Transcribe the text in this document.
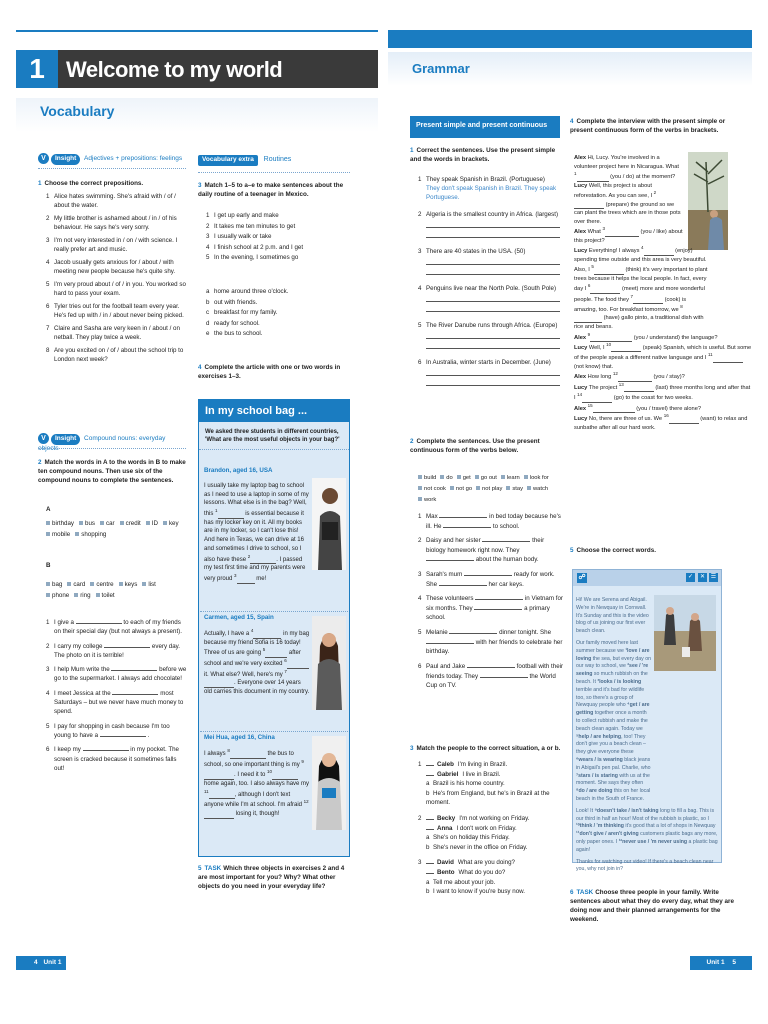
1 Welcome to my world
Vocabulary
Grammar
V Insight Adjectives + prepositions: feelings
1 Choose the correct prepositions.
1 Alice hates swimming. She's afraid with / of / about the water.
2 My little brother is ashamed about / in / of his behaviour. He says he's very sorry.
3 I'm not very interested in / on / with science. I really prefer art and music.
4 Jacob usually gets anxious for / about / with meeting new people because he's quite shy.
5 I'm very proud about / of / in you. You worked so hard to pass your exam.
6 Tyler tries out for the football team every year. He's fed up with / in / about never being picked.
7 Claire and Sasha are very keen in / about / on netball. They play twice a week.
8 Are you excited on / of / about the school trip to London next week?
V Insight Compound nouns: everyday objects
2 Match the words in A to the words in B to make ten compound nouns. Then use six of the compound nouns to complete the sentences.
A
birthday bus car credit ID keymobile shopping
B
bag card centre keys listphone ring toilet
1 I give a	to each of my friends on their special day (but not always a present).
2 I carry my college	every day. The photo on it is terrible!
3 I help Mum write the	before we go to the supermarket. I always add chocolate!
4 I meet Jessica at the	most Saturdays – but we never have much money to spend.
5 I pay for shopping in cash because I'm too young to have a	.
6 I keep my	in my pocket. The screen is cracked because it sometimes falls out!
Vocabulary extra Routines
3 Match 1–5 to a–e to make sentences about the daily routine of a teenager in Mexico.
1 I get up early and make
2 It takes me ten minutes to get
3 I usually walk or take
4 I finish school at 2 p.m. and I get
5 In the evening, I sometimes go
a home around three o'clock.
b out with friends.
c breakfast for my family.
d ready for school.
e the bus to school.
4 Complete the article with one or two words in exercises 1–3.
In my school bag ...
We asked three students in different countries, 'What are the most useful objects in your bag?'
Brandon, aged 16, USA
I usually take my laptop bag to school as I need to use a laptop in some of my lessons. What else is in the bag? Well, this $^1$ is essential because it has my locker key on it. All my books are in my locker, so I can't lose this! And here in Texas, we can drive at 16 and sometimes I drive to school, so I also have these $^2$. I passed my test first time and my parents were very proud $^3$ me!
Carmen, aged 15, Spain
Actually, I have a $^4$ in my bag because my friend Sofia is 16 today! Three of us are going $^5$ after school and we're very excited $^6$ it. What else? Well, here's my $^7$. Everyone over 14 years old carries this document in my country.
Mei Hua, aged 16, China
I always $^8$ the bus to school, so one important thing is my $^9$. I need it to $^{10}$ home again, too. I also always have my $^{11}$, although I don't text anyone while I'm at school. I'm afraid $^{12}$ losing it, though!
5 TASK Which three objects in exercises 2 and 4 are most important for you? Why? What other objects do you need in your everyday life?
Present simple and present continuous
1 Correct the sentences. Use the present simple and the words in brackets.
1 They speak Spanish in Brazil. (Portuguese)
They don't speak Spanish in Brazil. They speak Portuguese.
2 Algeria is the smallest country in Africa. (largest)
3 There are 40 states in the USA. (50)
4 Penguins live near the North Pole. (South Pole)
5 The River Danube runs through Africa. (Europe)
6 In Australia, winter starts in December. (June)
2 Complete the sentences. Use the present continuous form of the verbs below.
build do get go out learn look fornot cook not go not play stay watchwork
1 Max	in bed today because he's ill. He	to school.
2 Daisy and her sister	their biology homework right now. They  about the human body.
3 Sarah's mum	ready for work. She	her car keys.
4 These volunteers	in Vietnam for six months. They	a primary school.
5 Melanie	dinner tonight. She  with her friends to celebrate her birthday.
6 Paul and Jake	football with their friends today. They	the World Cup on TV.
3 Match the people to the correct situation, a or b.
1	Caleb I'm living in Brazil.
Gabriel I live in Brazil.
a Brazil is his home country.
b He's from England, but he's in Brazil at the moment.
2	Becky I'm not working on Friday.
Anna I don't work on Friday.
a She's on holiday this Friday.
b She's never in the office on Friday.
3	David What are you doing?
Bento What do you do?
a Tell me about your job.
b I want to know if you're busy now.
4 Complete the interview with the present simple or present continuous form of the verbs in brackets.
Alex Hi, Lucy. You're involved in a volunteer project here in Nicaragua. What $^1$ (you / do) at the moment?
Lucy Well, this project is about reforestation. As you can see, I $^2$ (prepare) the ground so we can plant the trees which are in those pots over there.
Alex What $^3$ (you / like) about this project?
Lucy Everything! I always $^4$ (enjoy) spending time outside and this area is very beautiful. Also, I $^5$ (think) it's very important to plant trees because it helps the local people. In fact, every day I $^6$ (meet) more and more wonderful people. The food they $^7$ (cook) is amazing, too. For breakfast tomorrow, we $^8$ (have) gallo pinto, a traditional dish with rice and beans.
Alex $^9$ (you / understand) the language?
Lucy Well, I $^{10}$ (speak) Spanish, which is useful. But some of the people speak a different native language and I $^{11}$ (not know) that.
Alex How long $^{12}$ (you / stay)?
Lucy The project $^{13}$ (last) three months long and after that I $^{14}$ (go) to the coast for two weeks.
Alex $^{15}$ (you / travel) there alone?
Lucy No, there are three of us. We $^{16}$ (want) to relax and sunbathe after all our hard work.
5 Choose the correct words.
☍	✓	✕ ☰
Hi! We are Serena and Abigail. We're in Newquay in Cornwall. It's Sunday and this is the video blog of us joining our first ever beach clean.
Our family moved here last summer because we ¹love / are loving the sea, but every day on our way to school, we ²see / 're seeing so much rubbish on the beach. It ³looks / is looking terrible and it's bad for wildlife too, so there's a group of Newquay people who ⁴get / are getting together once a month to collect rubbish and make the beach clean again. Today we ⁵help / are helping, too! They don't give you a beach clean – they give everyone these ⁶wears / is wearing black jeans in Abigail's pen pal. Charlie, who ⁷stars / is staring with us at the moment. She says they often ⁸do / are doing this on her local beach in the South of France.
Look! It ⁹doesn't take / isn't taking long to fill a bag. This is our third in half an hour! Most of the rubbish is plastic, so I ¹⁰think / 'm thinking it's good that a lot of shops in Newquay ¹¹don't give / aren't giving customers plastic bags any more, only paper ones. I ¹²never use / 'm never using a plastic bag again!
Thanks for watching our video! If there's a beach clean near you, why not join in?
6 TASK Choose three people in your family. Write sentences about what they do every day, what they are doing now and their planned arrangements for the weekend.
4 Unit 1	Unit 1 5
